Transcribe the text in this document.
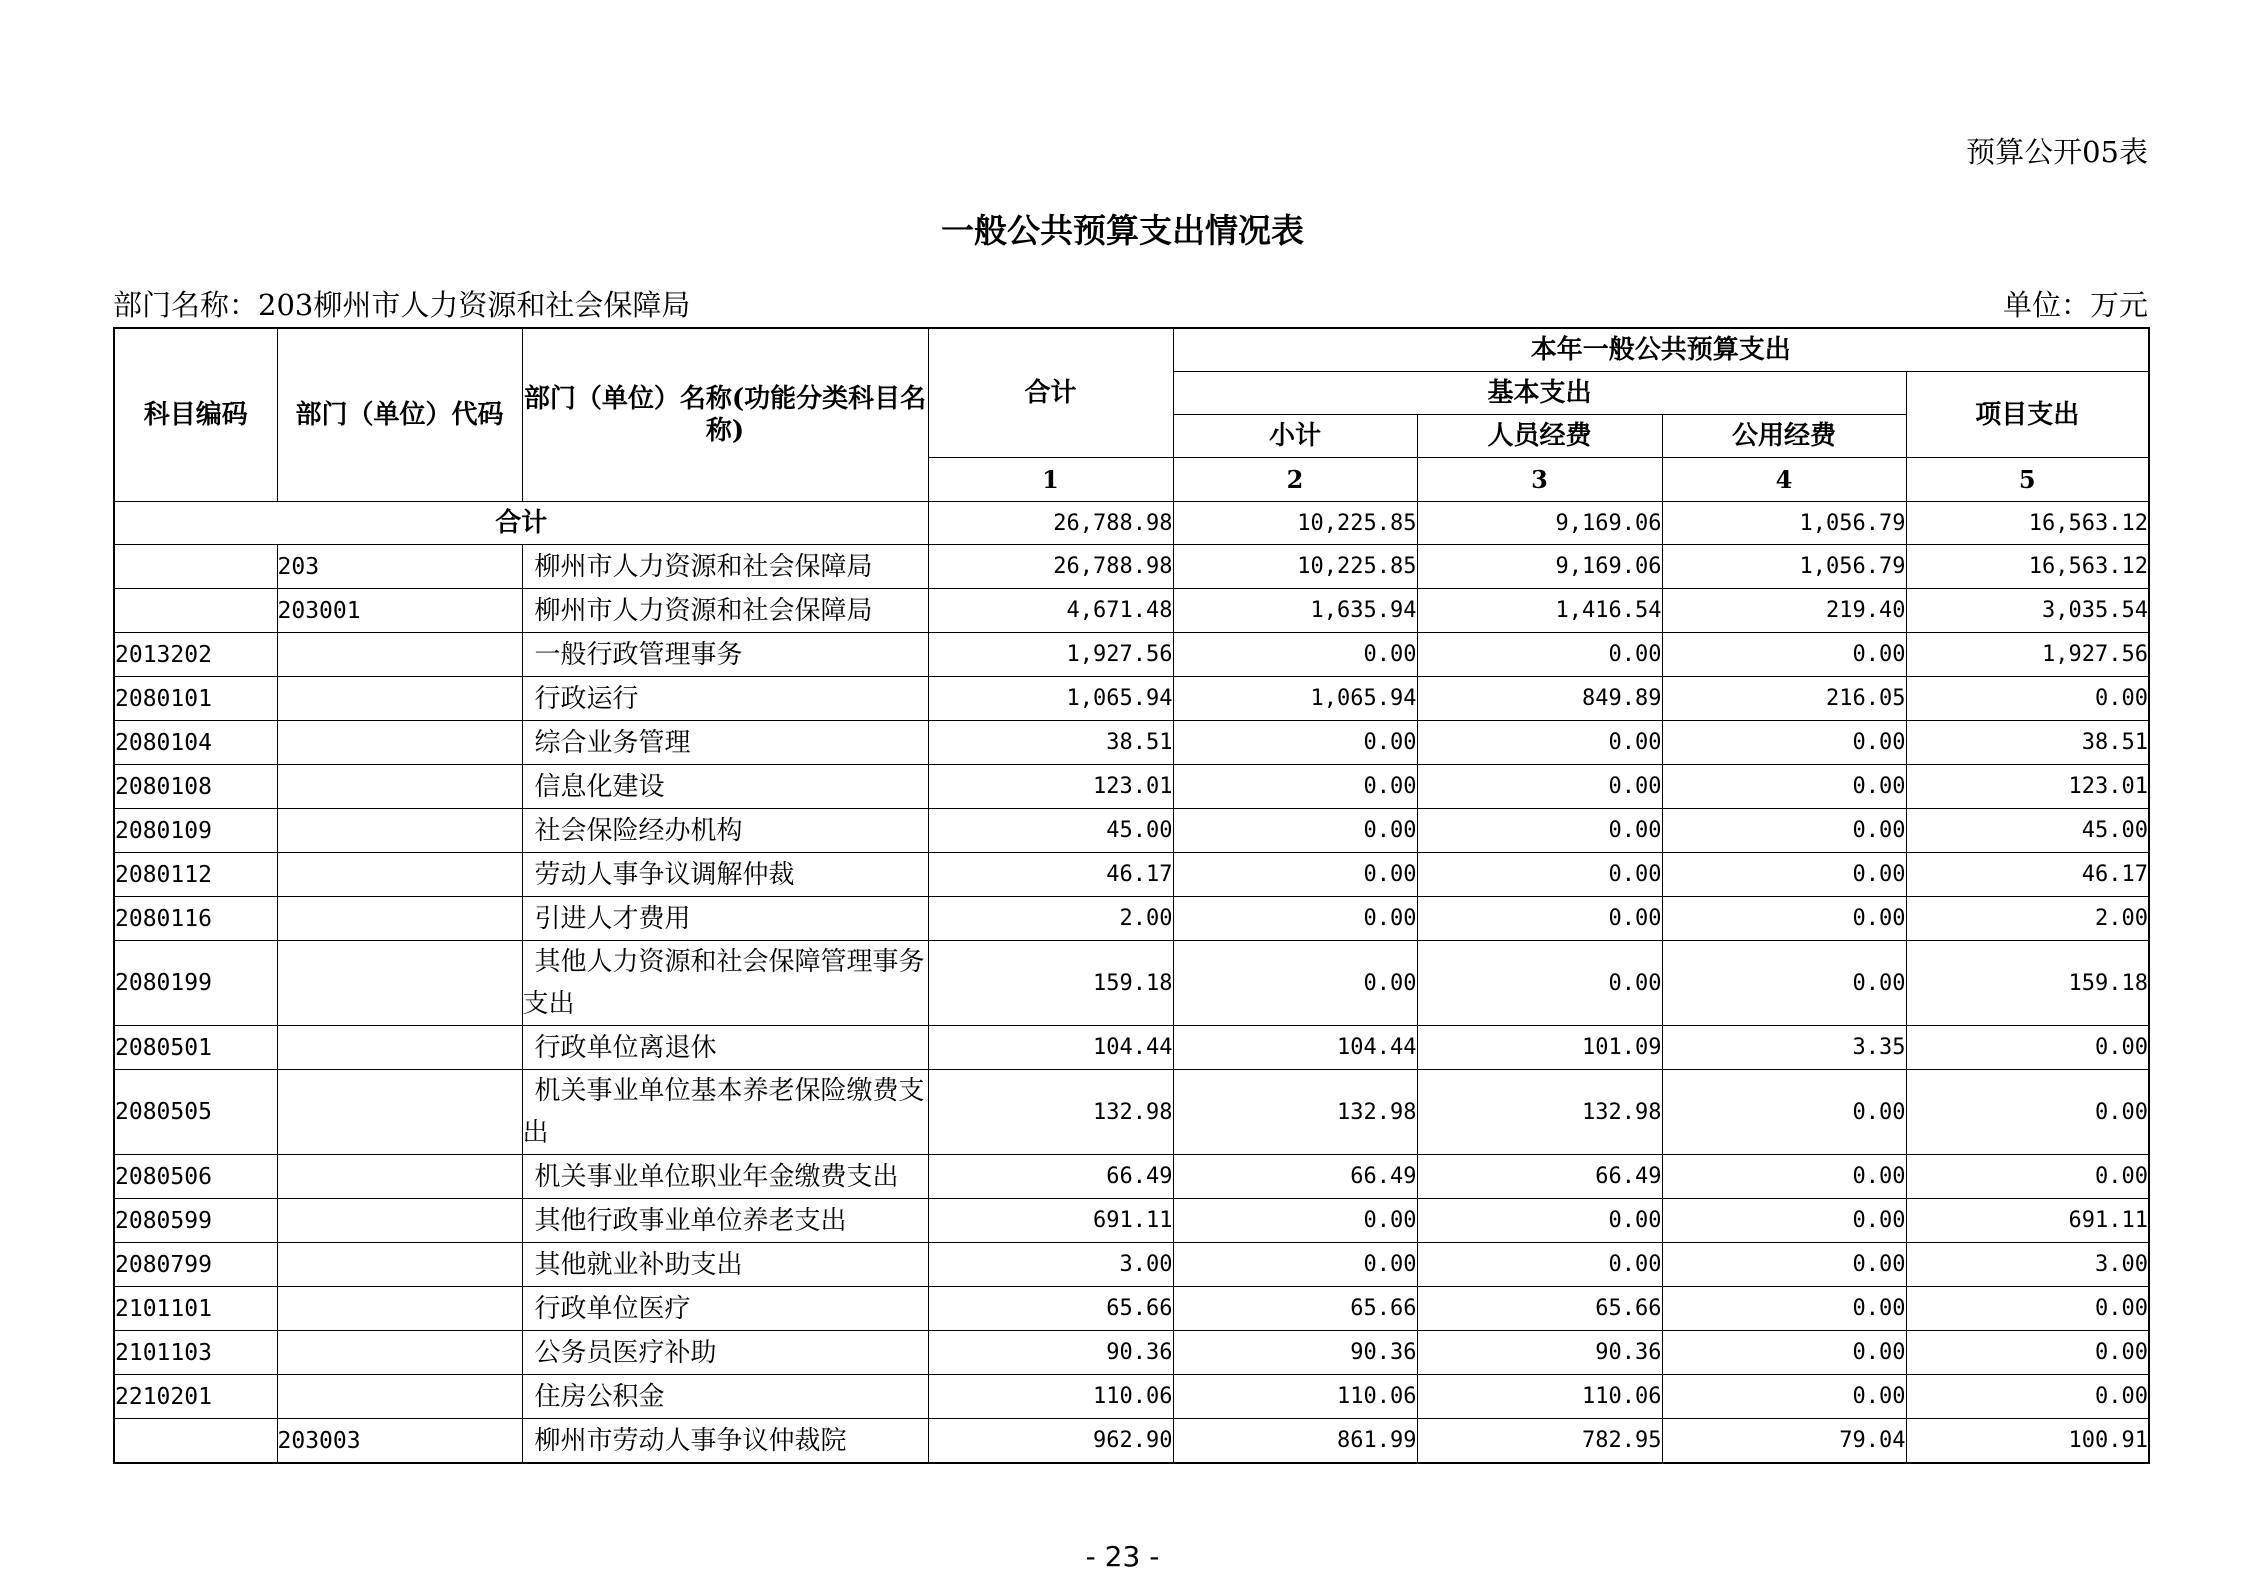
预算公开05表
一般公共预算支出情况表
部门名称：203柳州市人力资源和社会保障局	单位：万元
科目编码	部门（单位）代码	部门（单位）名称(功能分类科目名称)	合计	本年一般公共预算支出			
				基本支出			项目支出
				小计	人员经费	公用经费	
			1	2	3	4	5
合计			26,788.98	10,225.85	9,169.06	1,056.79	16,563.12
	203	柳州市人力资源和社会保障局	26,788.98	10,225.85	9,169.06	1,056.79	16,563.12
	203001	柳州市人力资源和社会保障局	4,671.48	1,635.94	1,416.54	219.40	3,035.54
2013202		一般行政管理事务	1,927.56	0.00	0.00	0.00	1,927.56
2080101		行政运行	1,065.94	1,065.94	849.89	216.05	0.00
2080104		综合业务管理	38.51	0.00	0.00	0.00	38.51
2080108		信息化建设	123.01	0.00	0.00	0.00	123.01
2080109		社会保险经办机构	45.00	0.00	0.00	0.00	45.00
2080112		劳动人事争议调解仲裁	46.17	0.00	0.00	0.00	46.17
2080116		引进人才费用	2.00	0.00	0.00	0.00	2.00
2080199		其他人力资源和社会保障管理事务支出	159.18	0.00	0.00	0.00	159.18
2080501		行政单位离退休	104.44	104.44	101.09	3.35	0.00
2080505		机关事业单位基本养老保险缴费支出	132.98	132.98	132.98	0.00	0.00
2080506		机关事业单位职业年金缴费支出	66.49	66.49	66.49	0.00	0.00
2080599		其他行政事业单位养老支出	691.11	0.00	0.00	0.00	691.11
2080799		其他就业补助支出	3.00	0.00	0.00	0.00	3.00
2101101		行政单位医疗	65.66	65.66	65.66	0.00	0.00
2101103		公务员医疗补助	90.36	90.36	90.36	0.00	0.00
2210201		住房公积金	110.06	110.06	110.06	0.00	0.00
	203003	柳州市劳动人事争议仲裁院	962.90	861.99	782.95	79.04	100.91
- 23 -
